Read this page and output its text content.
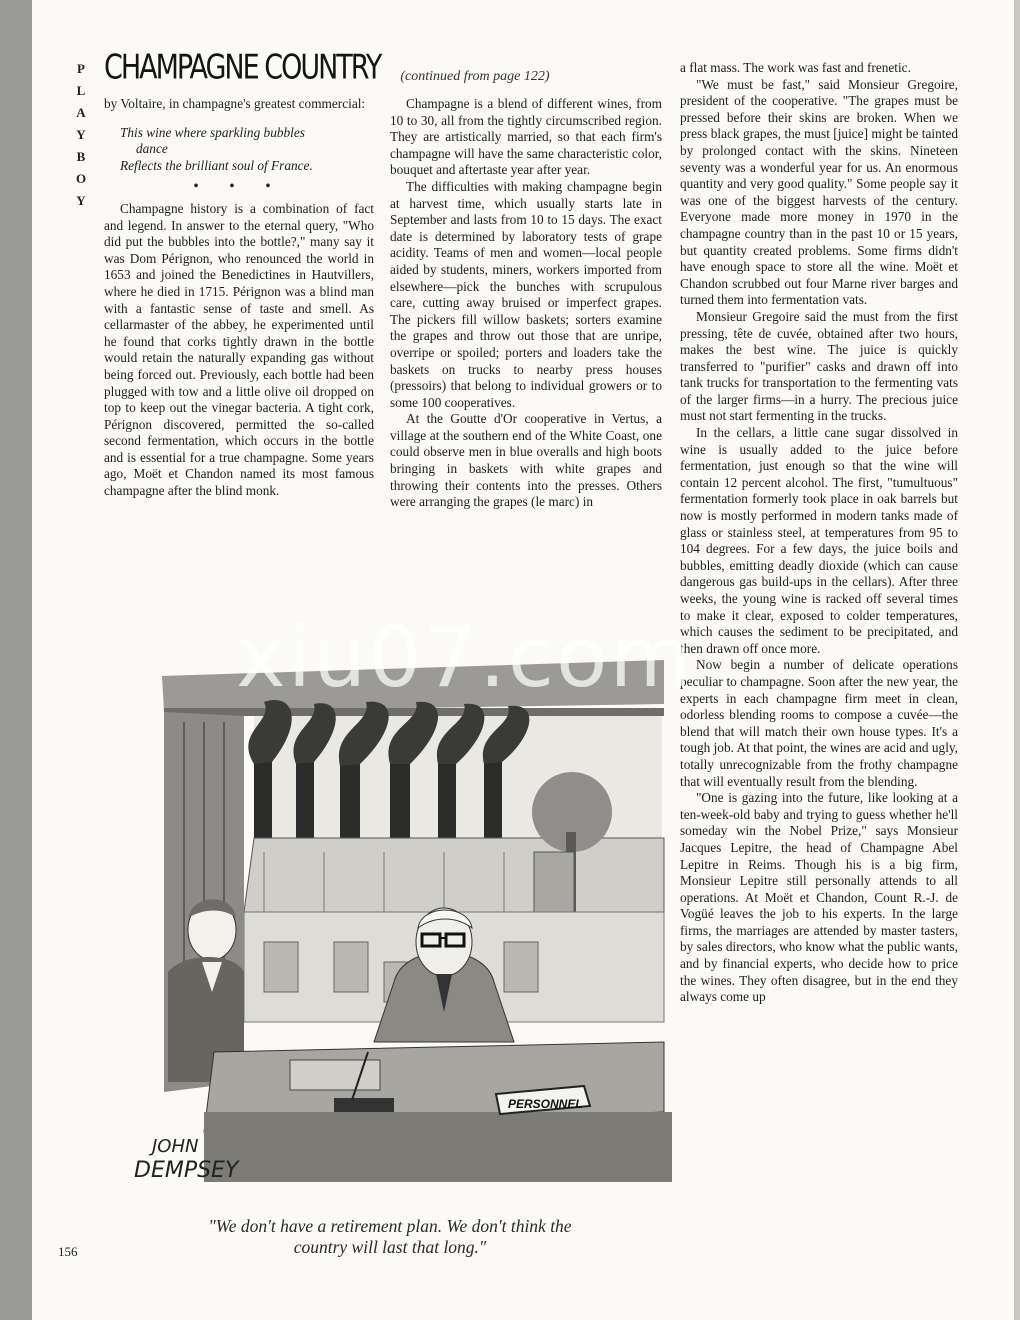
P
L
A
Y
B
O
Y
CHAMPAGNE COUNTRY (continued from page 122)

by Voltaire, in champagne's greatest commercial:

This wine where sparkling bubbles
dance
Reflects the brilliant soul of France.
• • •

Champagne history is a combination of fact and legend. In answer to the eternal query, "Who did put the bubbles into the bottle?," many say it was Dom Pérignon, who renounced the world in 1653 and joined the Benedictines in Hautvillers, where he died in 1715. Pérignon was a blind man with a fantastic sense of taste and smell. As cellarmaster of the abbey, he experimented until he found that corks tightly drawn in the bottle would retain the naturally expanding gas without being forced out. Previously, each bottle had been plugged with tow and a little olive oil dropped on top to keep out the vinegar bacteria. A tight cork, Pérignon discovered, permitted the so-called second fermentation, which occurs in the bottle and is essential for a true champagne. Some years ago, Moët et Chandon named its most famous champagne after the blind monk.

Champagne is a blend of different wines, from 10 to 30, all from the tightly circumscribed region. They are artistically married, so that each firm's champagne will have the same characteristic color, bouquet and aftertaste year after year.

The difficulties with making champagne begin at harvest time, which usually starts late in September and lasts from 10 to 15 days. The exact date is determined by laboratory tests of grape acidity. Teams of men and women—local people aided by students, miners, workers imported from elsewhere—pick the bunches with scrupulous care, cutting away bruised or imperfect grapes. The pickers fill willow baskets; sorters examine the grapes and throw out those that are unripe, overripe or spoiled; porters and loaders take the baskets on trucks to nearby press houses (pressoirs) that belong to individual growers or to some 100 cooperatives.

At the Goutte d'Or cooperative in Vertus, a village at the southern end of the White Coast, one could observe men in blue overalls and high boots bringing in baskets with white grapes and throwing their contents into the presses. Others were arranging the grapes (le marc) in

a flat mass. The work was fast and frenetic.

"We must be fast," said Monsieur Gregoire, president of the cooperative. "The grapes must be pressed before their skins are broken. When we press black grapes, the must [juice] might be tainted by prolonged contact with the skins. Nineteen seventy was a wonderful year for us. An enormous quantity and very good quality." Some people say it was one of the biggest harvests of the century. Everyone made more money in 1970 in the champagne country than in the past 10 or 15 years, but quantity created problems. Some firms didn't have enough space to store all the wine. Moët et Chandon scrubbed out four Marne river barges and turned them into fermentation vats.

Monsieur Gregoire said the must from the first pressing, tête de cuvée, obtained after two hours, makes the best wine. The juice is quickly transferred to "purifier" casks and drawn off into tank trucks for transportation to the fermenting vats of the larger firms—in a hurry. The precious juice must not start fermenting in the trucks.

In the cellars, a little cane sugar dissolved in wine is usually added to the juice before fermentation, just enough so that the wine will contain 12 percent alcohol. The first, "tumultuous" fermentation formerly took place in oak barrels but now is mostly performed in modern tanks made of glass or stainless steel, at temperatures from 95 to 104 degrees. For a few days, the juice boils and bubbles, emitting deadly dioxide (which can cause dangerous gas build-ups in the cellars). After three weeks, the young wine is racked off several times to make it clear, exposed to colder temperatures, which causes the sediment to be precipitated, and then drawn off once more.

Now begin a number of delicate operations peculiar to champagne. Soon after the new year, the experts in each champagne firm meet in clean, odorless blending rooms to compose a cuvée—the blend that will match their own house types. It's a tough job. At that point, the wines are acid and ugly, totally unrecognizable from the frothy champagne that will eventually result from the blending.

"One is gazing into the future, like looking at a ten-week-old baby and trying to guess whether he'll someday win the Nobel Prize," says Monsieur Jacques Lepitre, the head of Champagne Abel Lepitre in Reims. Though his is a big firm, Monsieur Lepitre still personally attends to all operations. At Moët et Chandon, Count R.-J. de Vogüé leaves the job to his experts. In the large firms, the marriages are attended by master tasters, by sales directors, who know what the public wants, and by financial experts, who decide how to price the wines. They often disagree, but in the end they always come up

PERSONNEL
JOHN
DEMPSEY
xiu07.com
"We don't have a retirement plan. We don't think the
country will last that long."
156
